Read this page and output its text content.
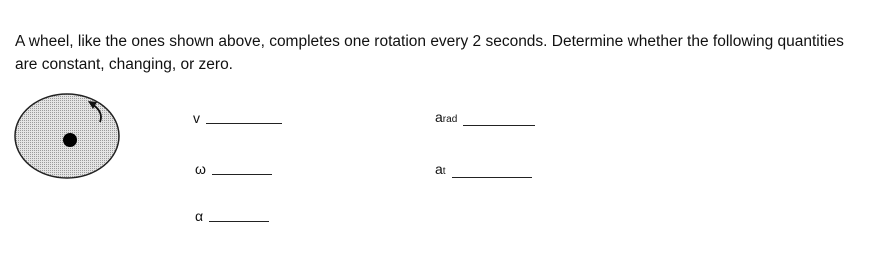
A wheel, like the ones shown above, completes one rotation every 2 seconds. Determine whether the following quantities are constant, changing, or zero.

v
ω
α
arad
at
